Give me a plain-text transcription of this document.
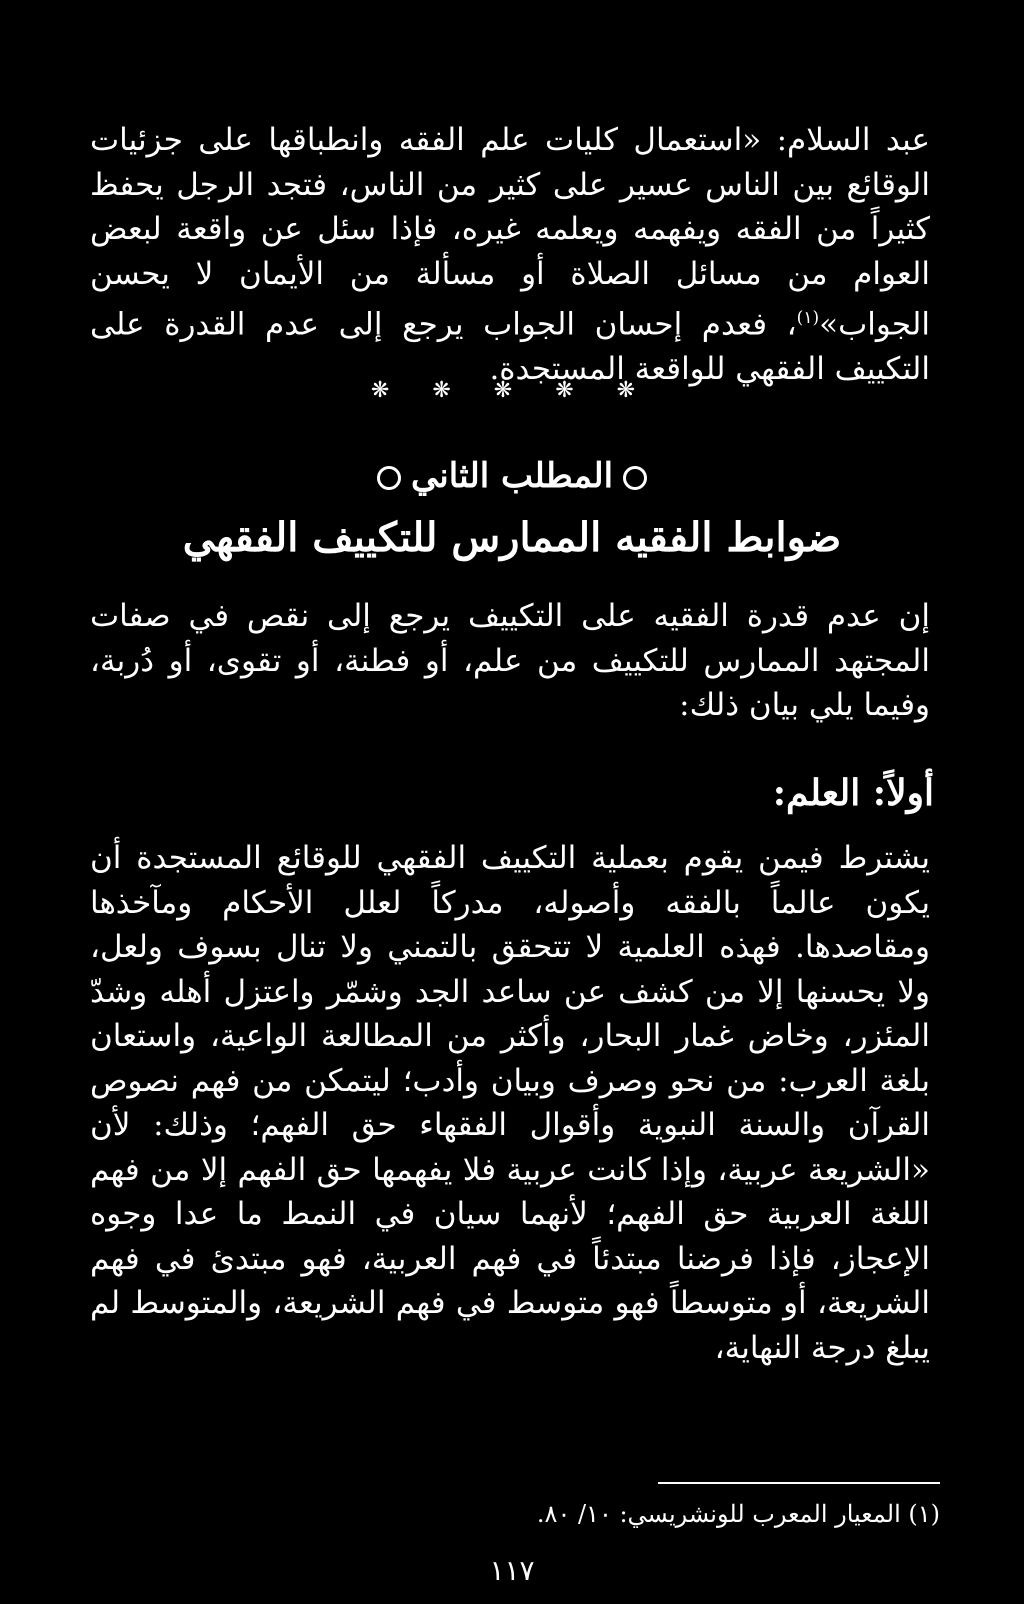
عبد السلام: «استعمال كليات علم الفقه وانطباقها على جزئيات الوقائع بين الناس عسير على كثير من الناس، فتجد الرجل يحفظ كثيراً من الفقه ويفهمه ويعلمه غيره، فإذا سئل عن واقعة لبعض العوام من مسائل الصلاة أو مسألة من الأيمان لا يحسن الجواب»$^{(١)}$، فعدم إحسان الجواب يرجع إلى عدم القدرة على التكييف الفقهي للواقعة المستجدة.

❋ ❋ ❋ ❋ ❋
المطلب الثاني
ضوابط الفقيه الممارس للتكييف الفقهي

إن عدم قدرة الفقيه على التكييف يرجع إلى نقص في صفات المجتهد الممارس للتكييف من علم، أو فطنة، أو تقوى، أو دُربة، وفيما يلي بيان ذلك:

أولاً: العلم:

يشترط فيمن يقوم بعملية التكييف الفقهي للوقائع المستجدة أن يكون عالماً بالفقه وأصوله، مدركاً لعلل الأحكام ومآخذها ومقاصدها. فهذه العلمية لا تتحقق بالتمني ولا تنال بسوف ولعل، ولا يحسنها إلا من كشف عن ساعد الجد وشمّر واعتزل أهله وشدّ المئزر، وخاض غمار البحار، وأكثر من المطالعة الواعية، واستعان بلغة العرب: من نحو وصرف وبيان وأدب؛ ليتمكن من فهم نصوص القرآن والسنة النبوية وأقوال الفقهاء حق الفهم؛ وذلك: لأن «الشريعة عربية، وإذا كانت عربية فلا يفهمها حق الفهم إلا من فهم اللغة العربية حق الفهم؛ لأنهما سيان في النمط ما عدا وجوه الإعجاز، فإذا فرضنا مبتدئاً في فهم العربية، فهو مبتدئ في فهم الشريعة، أو متوسطاً فهو متوسط في فهم الشريعة، والمتوسط لم يبلغ درجة النهاية،

(١) المعيار المعرب للونشريسي: ١٠/ ٨٠.
١١٧
